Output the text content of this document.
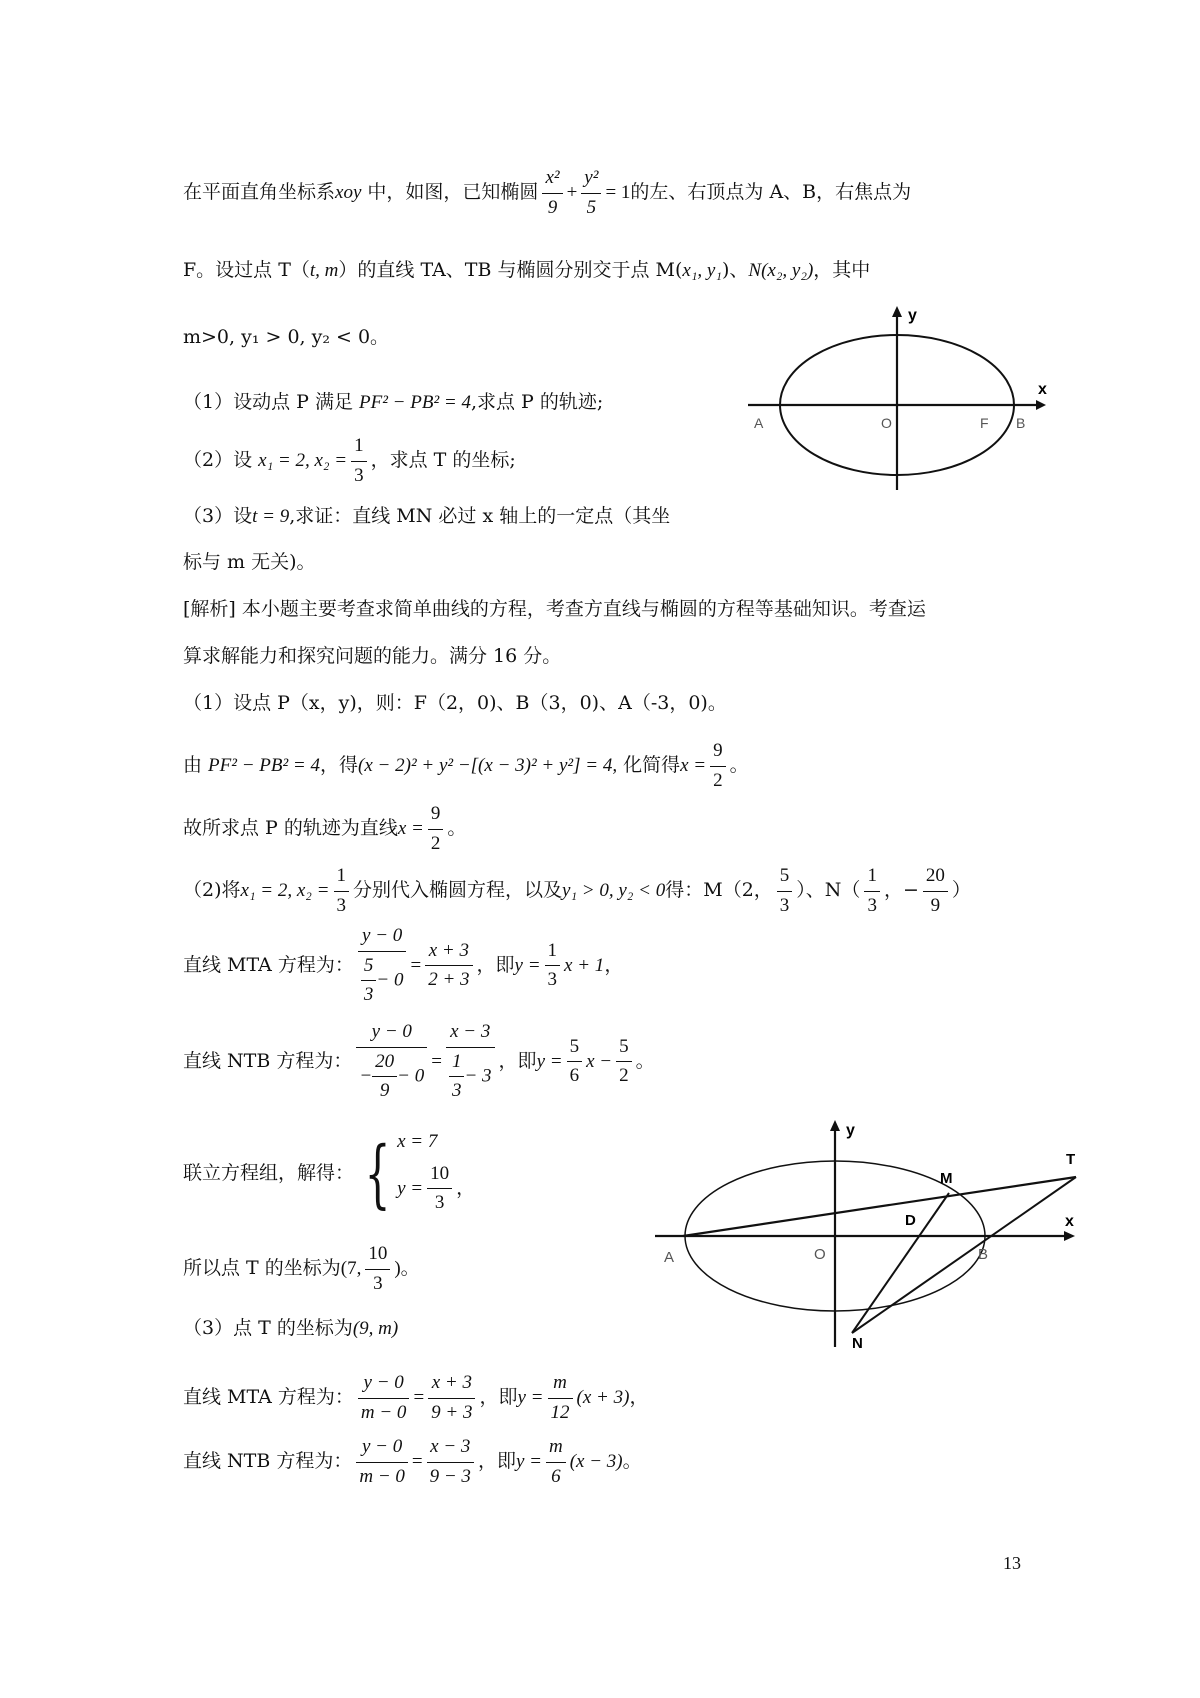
在平面直角坐标系xoy 中，如图，已知椭圆 $\frac{\text{x²}}{9} + \frac{\text{y²}}{5} = 1$的左、右顶点为 A、B，右焦点为
F。设过点 T（t, m）的直线 TA、TB 与椭圆分别交于点 M(x₁, y₁)、N(x₂, y₂)，其中
m>0, y₁ > 0, y₂ < 0。
（1）设动点 P 满足 PF² − PB² = 4,求点 P 的轨迹;
（2）设 x₁ = 2, $x_2 = \frac{1}{3}$ ，求点 T 的坐标;
（3）设t = 9,求证：直线 MN 必过 x 轴上的一定点（其坐
标与 m 无关)。
y
x
A	O	F B
[解析] 本小题主要考查求简单曲线的方程，考查方直线与椭圆的方程等基础知识。考查运
算求解能力和探究问题的能力。满分 16 分。
（1）设点 P（x，y)，则：F（2，0)、B（3，0)、A（-3，0)。
由 PF² − PB² = 4，得(x − 2)² + y² −[(x − 3)² + y²] = 4, 化简得$x = \frac{9}{2}$ 。
故所求点 P 的轨迹为直线$x = \frac{9}{2}$ 。
（2)将x₁ = 2, $x_2 = \frac{1}{3}$ 分别代入椭圆方程，以及y₁ > 0, y₂ < 0得：M（2， $\frac{5}{3}$ ）、$N( \frac{1}{3}$ ，− $\frac{20}{9}$ ）
直线 MTA 方程为： $\frac{y - 0}{\frac{5}{3} - 0} = \frac{x + 3}{2 + 3}$ ，即$y = \frac{1}{3}$ x + 1，
直线 NTB 方程为： $\frac{y - 0}{- \frac{20}{9} - 0} = \frac{x - 3}{\frac{1}{3} - 3}$ ，即$y = \frac{5}{6}$ $x - \frac{5}{2}$ 。
联立方程组，解得： { x = 7
$y = \frac{10}{3}$ ，
所以点 T 的坐标为(7, $\frac{10}{3}$ )。
（3）点 T 的坐标为(9, m)
直线 MTA 方程为： $\frac{y - 0}{m - 0} = \frac{x + 3}{9 + 3}$ ，即$y = \frac{m}{12} (x + 3)$，
直线 NTB 方程为： $\frac{y - 0}{m - 0} = \frac{x - 3}{9 - 3}$ ，即$y = \frac{m}{6} (x - 3)$。
y
x
M
T
D
A	O	B
N
13
